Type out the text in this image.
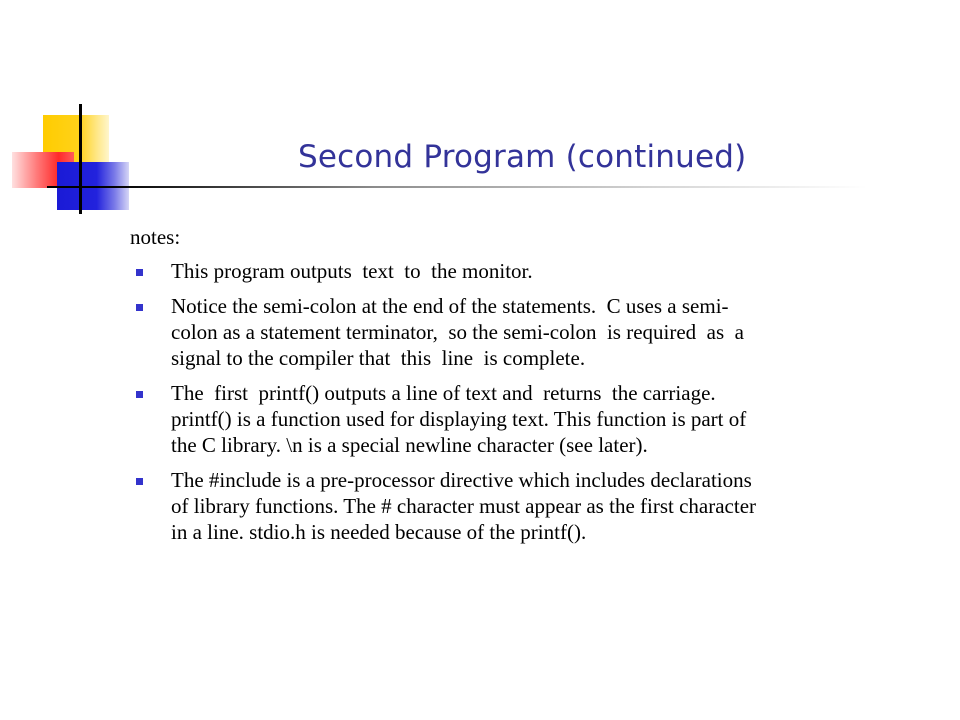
Second Program (continued)
notes:
This program outputs  text  to  the monitor.
Notice the semi-colon at the end of the statements.  C uses a semi-
colon as a statement terminator,  so the semi-colon  is required  as  a
signal to the compiler that  this  line  is complete.
The  first  printf() outputs a line of text and  returns  the carriage.
printf() is a function used for displaying text. This function is part of
the C library. \n is a special newline character (see later).
The #include is a pre-processor directive which includes declarations
of library functions. The # character must appear as the first character
in a line. stdio.h is needed because of the printf().
